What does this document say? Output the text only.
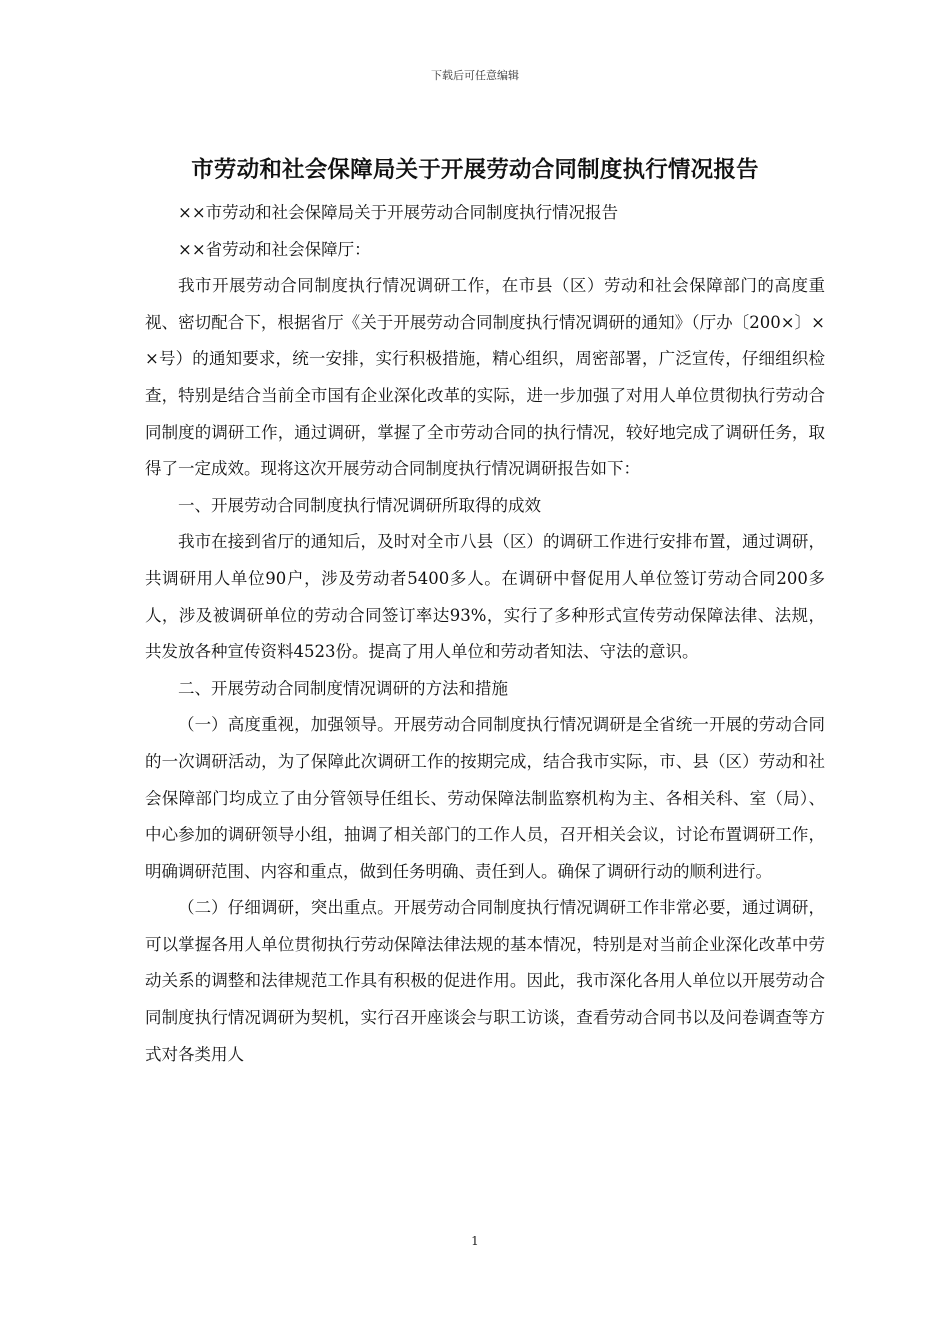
下载后可任意编辑
市劳动和社会保障局关于开展劳动合同制度执行情况报告

××市劳动和社会保障局关于开展劳动合同制度执行情况报告

××省劳动和社会保障厅：

我市开展劳动合同制度执行情况调研工作，在市县（区）劳动和社会保障部门的高度重视、密切配合下，根据省厅《关于开展劳动合同制度执行情况调研的通知》（厅办〔200×〕××号）的通知要求，统一安排，实行积极措施，精心组织，周密部署，广泛宣传，仔细组织检查，特别是结合当前全市国有企业深化改革的实际，进一步加强了对用人单位贯彻执行劳动合同制度的调研工作，通过调研，掌握了全市劳动合同的执行情况，较好地完成了调研任务，取得了一定成效。现将这次开展劳动合同制度执行情况调研报告如下：

一、开展劳动合同制度执行情况调研所取得的成效

我市在接到省厅的通知后，及时对全市八县（区）的调研工作进行安排布置，通过调研，共调研用人单位90户，涉及劳动者5400多人。在调研中督促用人单位签订劳动合同200多人，涉及被调研单位的劳动合同签订率达93%，实行了多种形式宣传劳动保障法律、法规，共发放各种宣传资料4523份。提高了用人单位和劳动者知法、守法的意识。

二、开展劳动合同制度情况调研的方法和措施

（一）高度重视，加强领导。开展劳动合同制度执行情况调研是全省统一开展的劳动合同的一次调研活动，为了保障此次调研工作的按期完成，结合我市实际，市、县（区）劳动和社会保障部门均成立了由分管领导任组长、劳动保障法制监察机构为主、各相关科、室（局）、中心参加的调研领导小组，抽调了相关部门的工作人员，召开相关会议，讨论布置调研工作，明确调研范围、内容和重点，做到任务明确、责任到人。确保了调研行动的顺利进行。

（二）仔细调研，突出重点。开展劳动合同制度执行情况调研工作非常必要，通过调研，可以掌握各用人单位贯彻执行劳动保障法律法规的基本情况，特别是对当前企业深化改革中劳动关系的调整和法律规范工作具有积极的促进作用。因此，我市深化各用人单位以开展劳动合同制度执行情况调研为契机，实行召开座谈会与职工访谈，查看劳动合同书以及问卷调查等方式对各类用人

1
